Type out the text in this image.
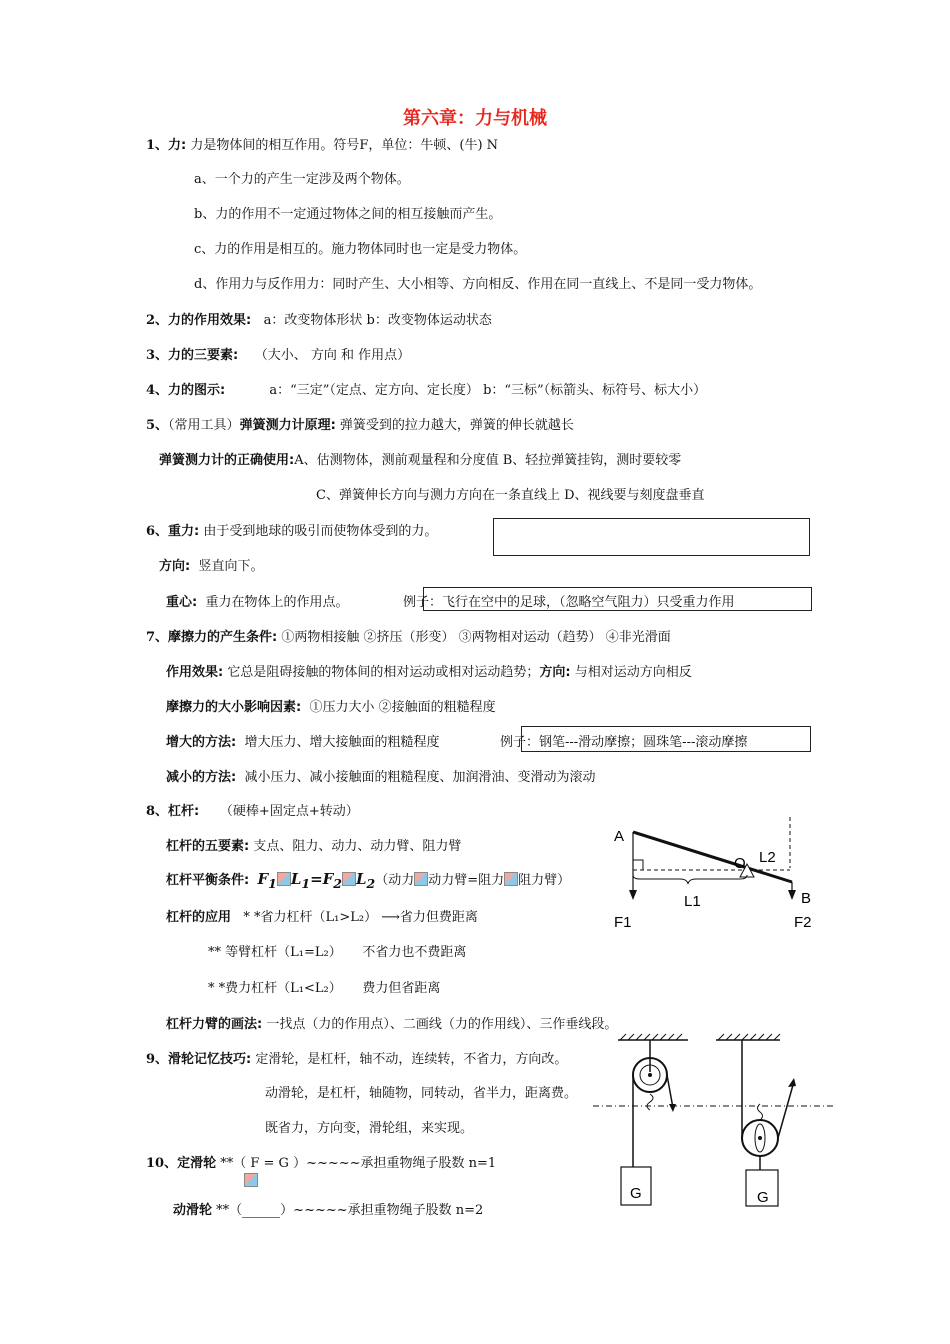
第六章：力与机械
1、力: 力是物体间的相互作用。符号F，单位：牛顿、(牛) N
a、一个力的产生一定涉及两个物体。
b、力的作用不一定通过物体之间的相互接触而产生。
c、力的作用是相互的。施力物体同时也一定是受力物体。
d、作用力与反作用力：同时产生、大小相等、方向相反、作用在同一直线上、不是同一受力物体。
2、力的作用效果: a：改变物体形状 b：改变物体运动状态
3、力的三要素: （大小、 方向 和 作用点）
4、力的图示:	a：“三定”（定点、定方向、定长度） b：“三标”（标箭头、标符号、标大小）
5、（常用工具）弹簧测力计原理: 弹簧受到的拉力越大，弹簧的伸长就越长
弹簧测力计的正确使用:A、估测物体，测前观量程和分度值 B、轻拉弹簧挂钩，测时要较零
C、弹簧伸长方向与测力方向在一条直线上 D、视线要与刻度盘垂直
6、重力: 由于受到地球的吸引而使物体受到的力。
方向: 竖直向下。
重心: 重力在物体上的作用点。	例子：飞行在空中的足球，（忽略空气阻力）只受重力作用
7、摩擦力的产生条件: ①两物相接触 ②挤压（形变） ③两物相对运动（趋势） ④非光滑面
作用效果: 它总是阻碍接触的物体间的相对运动或相对运动趋势；方向: 与相对运动方向相反
摩擦力的大小影响因素: ①压力大小 ②接触面的粗糙程度
增大的方法: 增大压力、增大接触面的粗糙程度	例子：钢笔---滑动摩擦；圆珠笔---滚动摩擦
减小的方法: 减小压力、减小接触面的粗糙程度、加润滑油、变滑动为滚动
8、杠杆: （硬棒+固定点+转动）
杠杆的五要素: 支点、阻力、动力、动力臂、阻力臂
杠杆平衡条件: $F_1$ $L_1=F_2$ $L_2$（动力 动力臂=阻力 阻力臂）
杠杆的应用 * *省力杠杆（L₁>L₂） ⟶省力但费距离
** 等臂杠杆（L₁=L₂） 不省力也不费距离
* *费力杠杆（L₁<L₂） 费力但省距离
杠杆力臂的画法: 一找点（力的作用点）、二画线（力的作用线）、三作垂线段。
A
O L2
L1	B
F1	F2
9、滑轮记忆技巧: 定滑轮，是杠杆，轴不动，连续转，不省力，方向改。
动滑轮，是杠杆，轴随物，同转动，省半力，距离费。
既省力，方向变，滑轮组，来实现。
G	G
10、定滑轮 **（ F = G ）~~~~~承担重物绳子股数 n=1
动滑轮 **（	）~~~~~承担重物绳子股数 n=2
